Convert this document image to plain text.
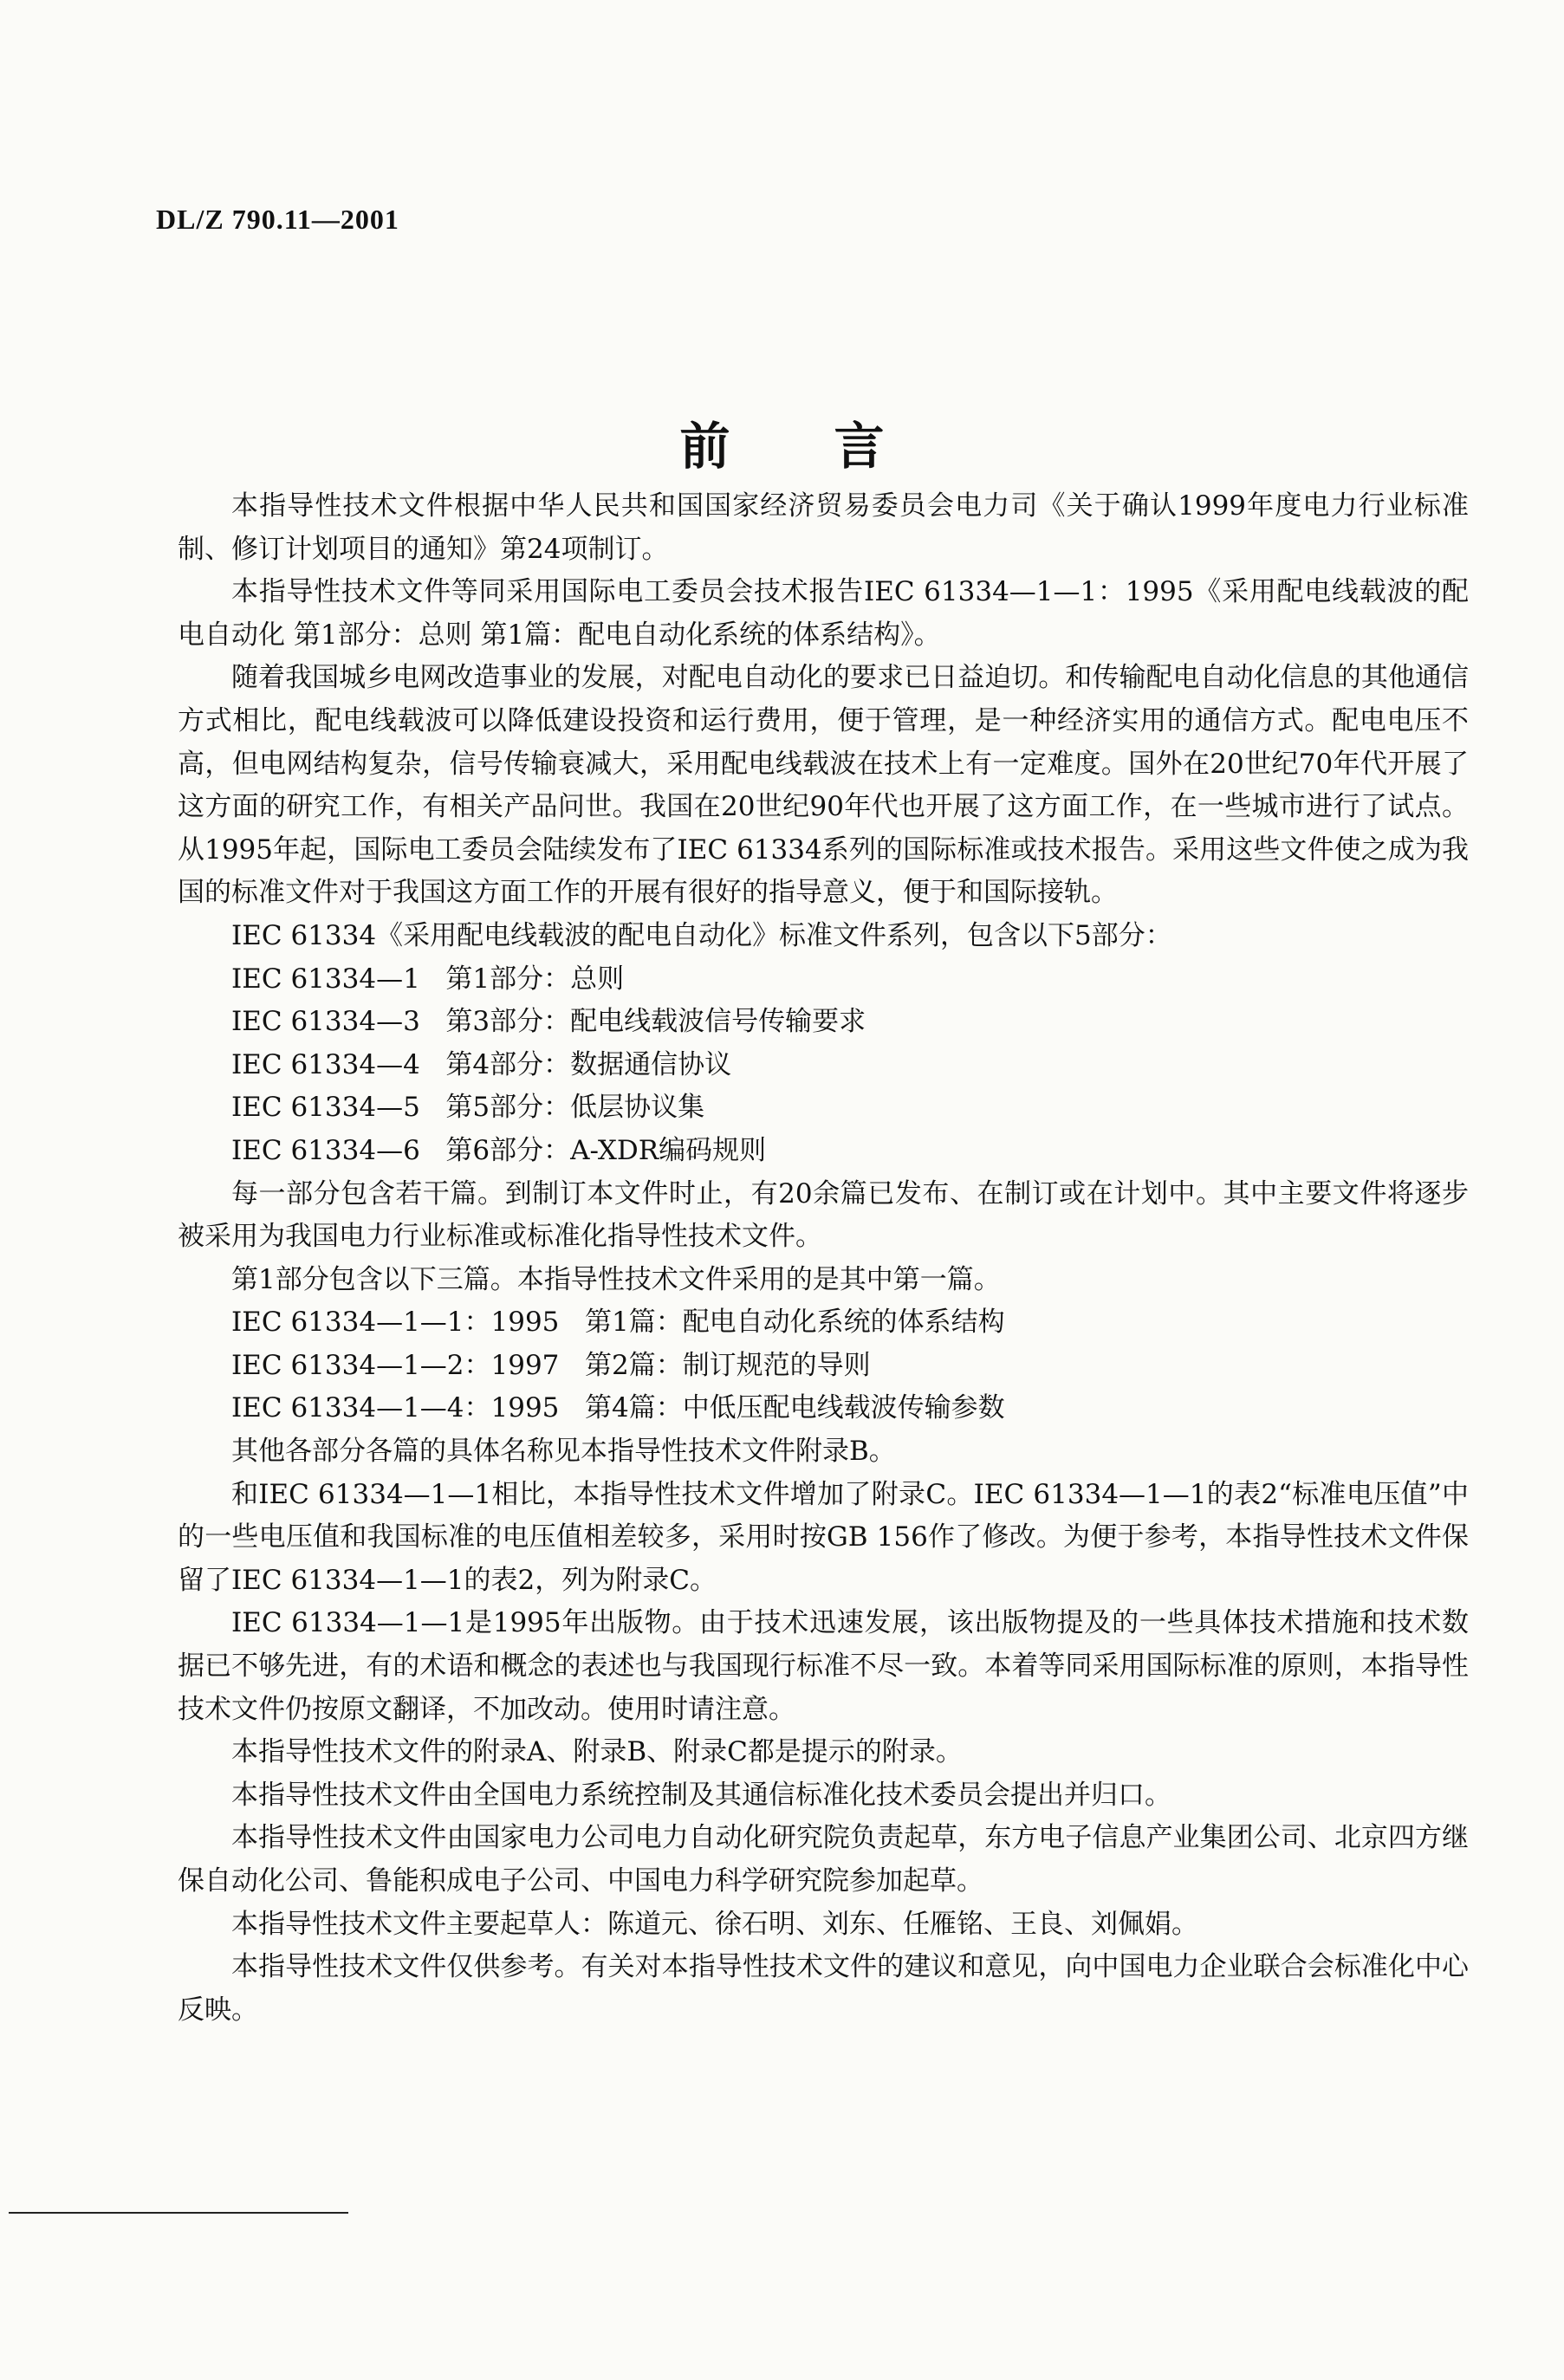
DL/Z 790.11—2001
前言

本指导性技术文件根据中华人民共和国国家经济贸易委员会电力司《关于确认1999年度电力行业标准制、修订计划项目的通知》第24项制订。

本指导性技术文件等同采用国际电工委员会技术报告IEC 61334—1—1：1995《采用配电线载波的配电自动化 第1部分：总则 第1篇：配电自动化系统的体系结构》。

随着我国城乡电网改造事业的发展，对配电自动化的要求已日益迫切。和传输配电自动化信息的其他通信方式相比，配电线载波可以降低建设投资和运行费用，便于管理，是一种经济实用的通信方式。配电电压不高，但电网结构复杂，信号传输衰减大，采用配电线载波在技术上有一定难度。国外在20世纪70年代开展了这方面的研究工作，有相关产品问世。我国在20世纪90年代也开展了这方面工作，在一些城市进行了试点。从1995年起，国际电工委员会陆续发布了IEC 61334系列的国际标准或技术报告。采用这些文件使之成为我国的标准文件对于我国这方面工作的开展有很好的指导意义，便于和国际接轨。

IEC 61334《采用配电线载波的配电自动化》标准文件系列，包含以下5部分：

IEC 61334—1   第1部分：总则

IEC 61334—3   第3部分：配电线载波信号传输要求

IEC 61334—4   第4部分：数据通信协议

IEC 61334—5   第5部分：低层协议集

IEC 61334—6   第6部分：A-XDR编码规则

每一部分包含若干篇。到制订本文件时止，有20余篇已发布、在制订或在计划中。其中主要文件将逐步被采用为我国电力行业标准或标准化指导性技术文件。

第1部分包含以下三篇。本指导性技术文件采用的是其中第一篇。

IEC 61334—1—1：1995   第1篇：配电自动化系统的体系结构

IEC 61334—1—2：1997   第2篇：制订规范的导则

IEC 61334—1—4：1995   第4篇：中低压配电线载波传输参数

其他各部分各篇的具体名称见本指导性技术文件附录B。

和IEC 61334—1—1相比，本指导性技术文件增加了附录C。IEC 61334—1—1的表2“标准电压值”中的一些电压值和我国标准的电压值相差较多，采用时按GB 156作了修改。为便于参考，本指导性技术文件保留了IEC 61334—1—1的表2，列为附录C。

IEC 61334—1—1是1995年出版物。由于技术迅速发展，该出版物提及的一些具体技术措施和技术数据已不够先进，有的术语和概念的表述也与我国现行标准不尽一致。本着等同采用国际标准的原则，本指导性技术文件仍按原文翻译，不加改动。使用时请注意。

本指导性技术文件的附录A、附录B、附录C都是提示的附录。

本指导性技术文件由全国电力系统控制及其通信标准化技术委员会提出并归口。

本指导性技术文件由国家电力公司电力自动化研究院负责起草，东方电子信息产业集团公司、北京四方继保自动化公司、鲁能积成电子公司、中国电力科学研究院参加起草。

本指导性技术文件主要起草人：陈道元、徐石明、刘东、任雁铭、王良、刘佩娟。

本指导性技术文件仅供参考。有关对本指导性技术文件的建议和意见，向中国电力企业联合会标准化中心反映。
